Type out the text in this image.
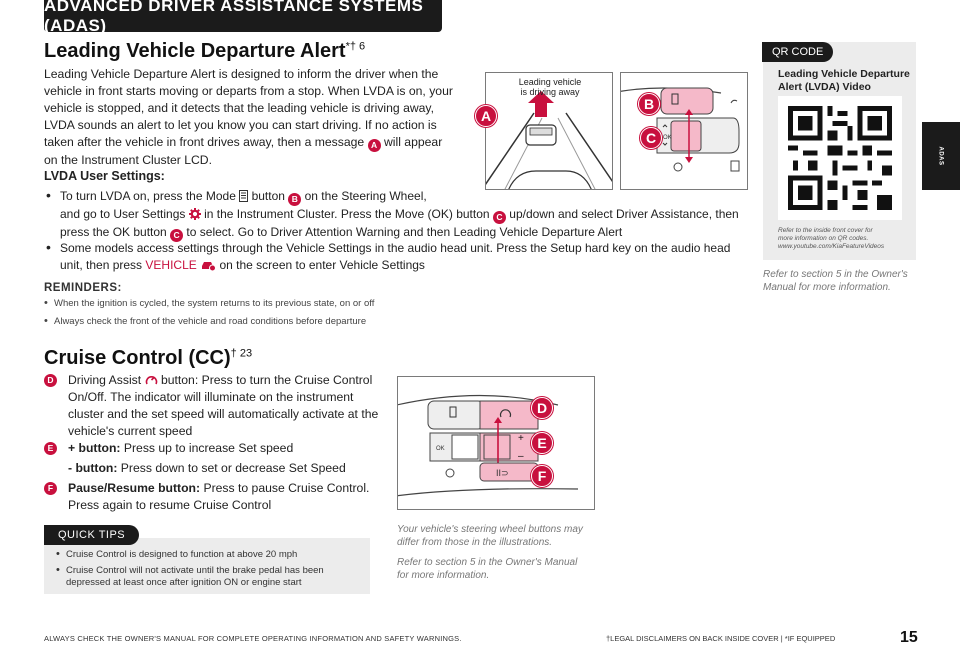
ADVANCED DRIVER ASSISTANCE SYSTEMS (ADAS)
ADAS
Leading Vehicle Departure Alert$^{*\dagger 6}$
Leading Vehicle Departure Alert is designed to inform the driver when the
vehicle in front starts moving or departs from a stop. When LVDA is on, your
vehicle is stopped, and it detects that the leading vehicle is driving away,
LVDA sounds an alert to let you know you can start driving. If no action is
taken after the vehicle in front drives away, then a message A will appear
on the Instrument Cluster LCD.
LVDA User Settings:
• To turn LVDA on, press the Mode button B on the Steering Wheel,
and go to User Settings in the Instrument Cluster. Press the Move (OK) button C up/down and select Driver Assistance, then
press the OK button C to select. Go to Driver Attention Warning and then Leading Vehicle Departure Alert
• Some models access settings through the Vehicle Settings in the audio head unit. Press the Setup hard key on the audio head
unit, then press VEHICLE on the screen to enter Vehicle Settings
REMINDERS:
• When the ignition is cycled, the system returns to its previous state, on or off
• Always check the front of the vehicle and road conditions before departure
Leading vehicle
is driving away
A
OK
B
C
QR CODE
Leading Vehicle Departure Alert (LVDA) Video
Refer to the inside front cover for
more information on QR codes.
www.youtube.com/KiaFeatureVideos
Refer to section 5 in the Owner's
Manual for more information.
Cruise Control (CC)$^{\dagger 23}$
D Driving Assist button: Press to turn the Cruise Control
On/Off. The indicator will illuminate on the instrument
cluster and the set speed will automatically activate at the
vehicle's current speed
E	+ button: Press up to increase Set speed
- button: Press down to set or decrease Set Speed
F	Pausе/Resume button: Press to pause Cruise Control.
Press again to resume Cruise Control
OK
+
–
II⊃
D
E
F
Your vehicle's steering wheel buttons may
differ from those in the illustrations.
Refer to section 5 in the Owner's Manual
for more information.
QUICK TIPS
• Cruise Control is designed to function at above 20 mph
• Cruise Control will not activate until the brake pedal has been
depressed at least once after ignition ON or engine start
ALWAYS CHECK THE OWNER'S MANUAL FOR COMPLETE OPERATING INFORMATION AND SAFETY WARNINGS.	†LEGAL DISCLAIMERS ON BACK INSIDE COVER | *IF EQUIPPED	15
